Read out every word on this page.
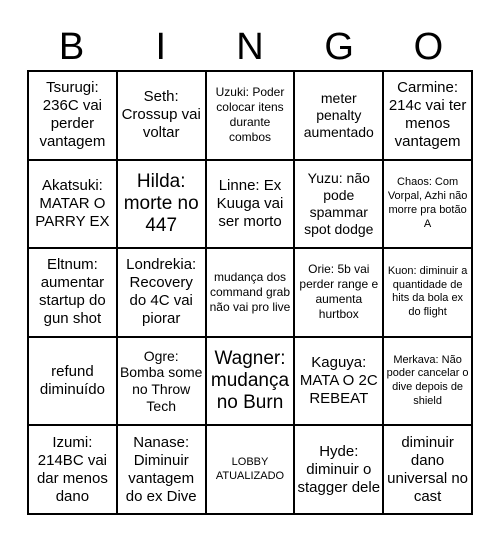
B	I	N	G	O
Tsurugi: 236C vai perder vantagem
Seth: Crossup vai voltar
Uzuki: Poder colocar itens durante combos
meter penalty aumentado
Carmine: 214c vai ter menos vantagem
Akatsuki: MATAR O PARRY EX
Hilda: morte no 447
Linne: Ex Kuuga vai ser morto
Yuzu: não pode spammar spot dodge
Chaos: Com Vorpal, Azhi não morre pra botão A
Eltnum: aumentar startup do gun shot
Londrekia: Recovery do 4C vai piorar
mudança dos command grab não vai pro live
Orie: 5b vai perder range e aumenta hurtbox
Kuon: diminuir a quantidade de hits da bola ex do flight
refund diminuído
Ogre: Bomba some no Throw Tech
Wagner: mudança no Burn
Kaguya: MATA O 2C REBEAT
Merkava: Não poder cancelar o dive depois de shield
Izumi: 214BC vai dar menos dano
Nanase: Diminuir vantagem do ex Dive
LOBBY ATUALIZADO
Hyde: diminuir o stagger dele
diminuir dano universal no cast
